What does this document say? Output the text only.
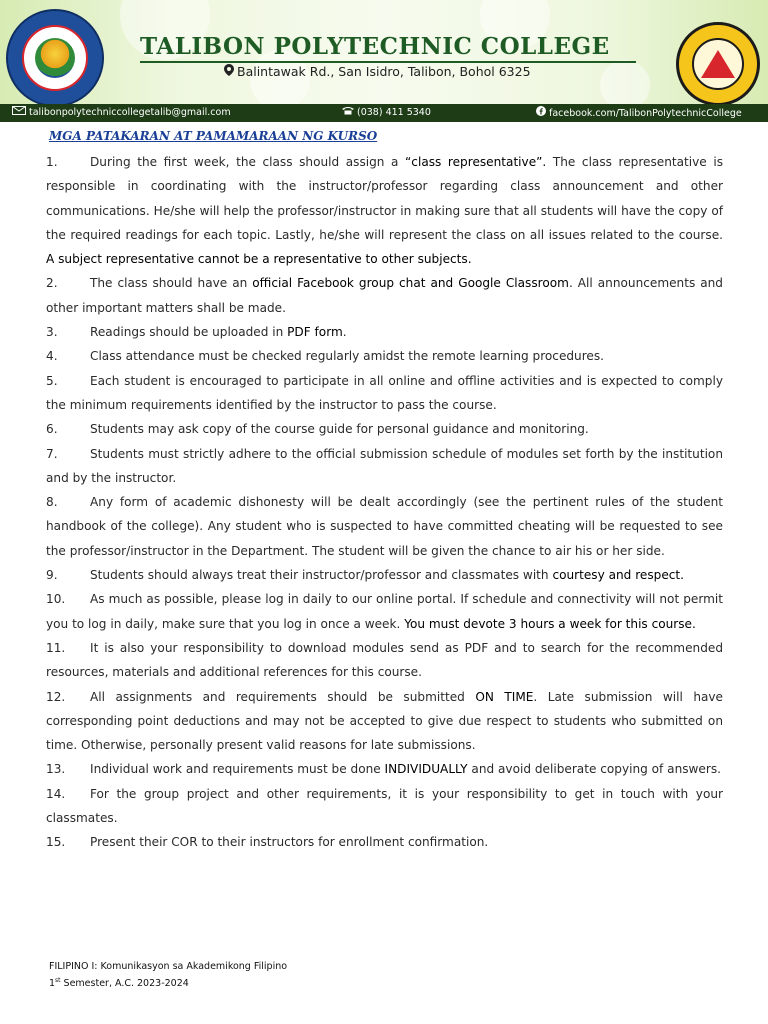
TALIBON POLYTECHNIC COLLEGE
Balintawak Rd., San Isidro, Talibon, Bohol 6325
talibonpolytechniccollegetalib@gmail.com	(038) 411 5340	facebook.com/TalibonPolytechnicCollege
MGA PATAKARAN AT PAMAMARAAN NG KURSO
1.	During the first week, the class should assign a “class representative”. The class representative is responsible in coordinating with the instructor/professor regarding class announcement and other communications. He/she will help the professor/instructor in making sure that all students will have the copy of the required readings for each topic. Lastly, he/she will represent the class on all issues related to the course. A subject representative cannot be a representative to other subjects.
2.	The class should have an official Facebook group chat and Google Classroom. All announcements and other important matters shall be made.
3.	Readings should be uploaded in PDF form.
4.	Class attendance must be checked regularly amidst the remote learning procedures.
5.	Each student is encouraged to participate in all online and offline activities and is expected to comply the minimum requirements identified by the instructor to pass the course.
6.	Students may ask copy of the course guide for personal guidance and monitoring.
7.	Students must strictly adhere to the official submission schedule of modules set forth by the institution and by the instructor.
8.	Any form of academic dishonesty will be dealt accordingly (see the pertinent rules of the student handbook of the college). Any student who is suspected to have committed cheating will be requested to see the professor/instructor in the Department. The student will be given the chance to air his or her side.
9.	Students should always treat their instructor/professor and classmates with courtesy and respect.
10. As much as possible, please log in daily to our online portal. If schedule and connectivity will not permit you to log in daily, make sure that you log in once a week. You must devote 3 hours a week for this course.
11. It is also your responsibility to download modules send as PDF and to search for the recommended resources, materials and additional references for this course.
12. All assignments and requirements should be submitted ON TIME. Late submission will have corresponding point deductions and may not be accepted to give due respect to students who submitted on time. Otherwise, personally present valid reasons for late submissions.
13. Individual work and requirements must be done INDIVIDUALLY and avoid deliberate copying of answers.
14. For the group project and other requirements, it is your responsibility to get in touch with your classmates.
15. Present their COR to their instructors for enrollment confirmation.
FILIPINO I: Komunikasyon sa Akademikong Filipino
1st Semester, A.C. 2023-2024
